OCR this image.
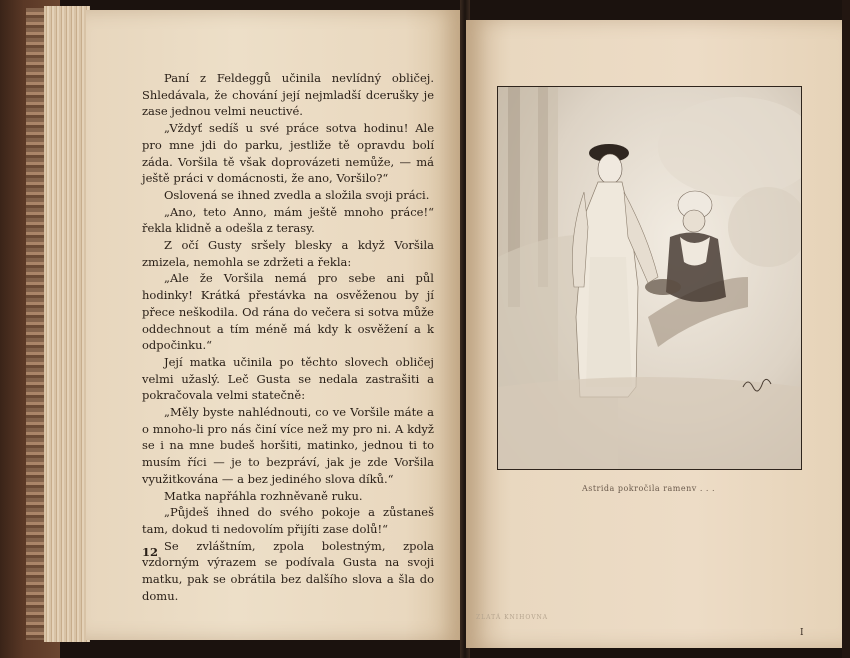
Paní z Feldeggů učinila nevlídný obličej. Shledávala, že chování její nejmladší dcerušky je zase jednou velmi neuctivé.

„Vždyť sedíš u své práce sotva hodinu! Ale pro mne jdi do parku, jestliže tě opravdu bolí záda. Voršila tě však doprovázeti nemůže, — má ještě práci v domácnosti, že ano, Voršilo?“

Oslovená se ihned zvedla a složila svoji práci.

„Ano, teto Anno, mám ještě mnoho práce!“ řekla klidně a odešla z terasy.

Z očí Gusty sršely blesky a když Voršila zmizela, nemohla se zdržeti a řekla:

„Ale že Voršila nemá pro sebe ani půl hodinky! Krátká přestávka na osvěženou by jí přece neškodila. Od rána do večera si sotva může oddechnout a tím méně má kdy k osvěžení a k odpočinku.“

Její matka učinila po těchto slovech obličej velmi užaslý. Leč Gusta se nedala zastrašiti a pokračovala velmi statečně:

„Měly byste nahlédnouti, co ve Voršile máte a o mnoho-li pro nás činí více než my pro ni. A když se i na mne budeš horšiti, matinko, jednou ti to musím říci — je to bezpráví, jak je zde Voršila využitkována — a bez jediného slova díků.“

Matka napřáhla rozhněvaně ruku.

„Půjdeš ihned do svého pokoje a zůstaneš tam, dokud ti nedovolím přijíti zase dolů!“

Se zvláštním, zpola bolestným, zpola vzdorným výrazem se podívala Gusta na svoji matku, pak se obrátila bez dalšího slova a šla do domu.

12
Astrida pokročila ramenv . . .
ZLATÁ KNIHOVNA
I
